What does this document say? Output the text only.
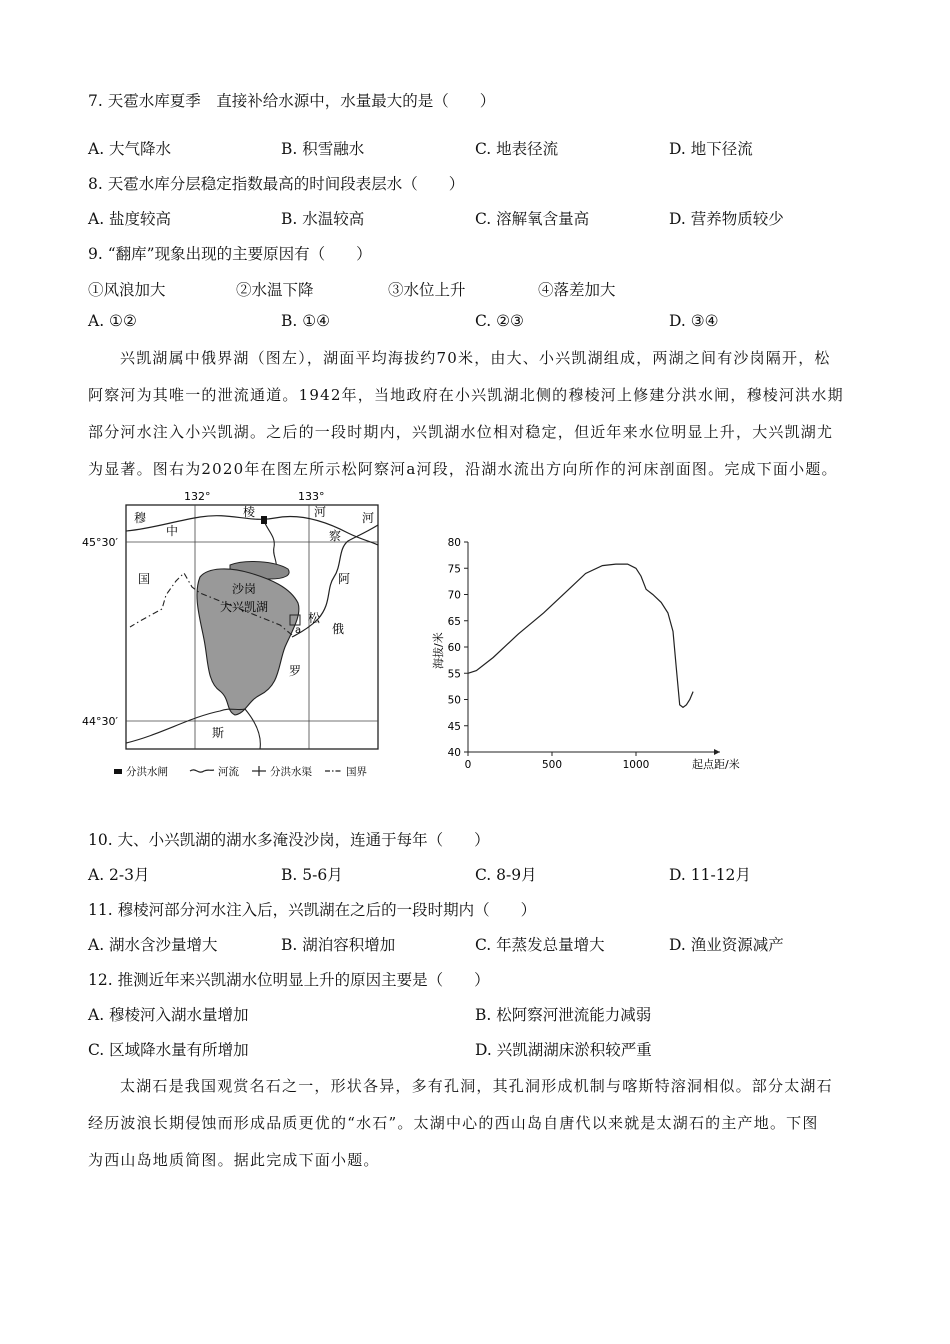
7. 天雹水库夏季　直接补给水源中，水量最大的是（　　）
A. 大气降水	B. 积雪融水	C. 地表径流	D. 地下径流
8. 天雹水库分层稳定指数最高的时间段表层水（　　）
A. 盐度较高	B. 水温较高	C. 溶解氧含量高	D. 营养物质较少
9. “翻库”现象出现的主要原因有（　　）
①风浪加大	②水温下降	③水位上升	④落差加大
A. ①②	B. ①④	C. ②③	D. ③④
兴凯湖属中俄界湖（图左），湖面平均海拔约70米，由大、小兴凯湖组成，两湖之间有沙岗隔开，松
阿察河为其唯一的泄流通道。1942年，当地政府在小兴凯湖北侧的穆棱河上修建分洪水闸，穆棱河洪水期
部分河水注入小兴凯湖。之后的一段时期内，兴凯湖水位相对稳定，但近年来水位明显上升，大兴凯湖尤
为显著。图右为2020年在图左所示松阿察河a河段，沿湖水流出方向所作的河床剖面图。完成下面小题。
132°	133°
45°30′
44°30′
a
穆
中
棱	河
察
河
国	阿
松
俄
罗
斯
沙岗
大兴凯湖
分洪水闸	河流	分洪水渠	国界
40
45
50
55
60
65
70
75
80
0	500	1000	起点距/米
海拔/米
10. 大、小兴凯湖的湖水多淹没沙岗，连通于每年（　　）
A. 2-3月	B. 5-6月	C. 8-9月	D. 11-12月
11. 穆棱河部分河水注入后，兴凯湖在之后的一段时期内（　　）
A. 湖水含沙量增大	B. 湖泊容积增加	C. 年蒸发总量增大	D. 渔业资源减产
12. 推测近年来兴凯湖水位明显上升的原因主要是（　　）
A. 穆棱河入湖水量增加	B. 松阿察河泄流能力减弱
C. 区域降水量有所增加	D. 兴凯湖湖床淤积较严重
太湖石是我国观赏名石之一，形状各异，多有孔洞，其孔洞形成机制与喀斯特溶洞相似。部分太湖石
经历波浪长期侵蚀而形成品质更优的“水石”。太湖中心的西山岛自唐代以来就是太湖石的主产地。下图
为西山岛地质简图。据此完成下面小题。
